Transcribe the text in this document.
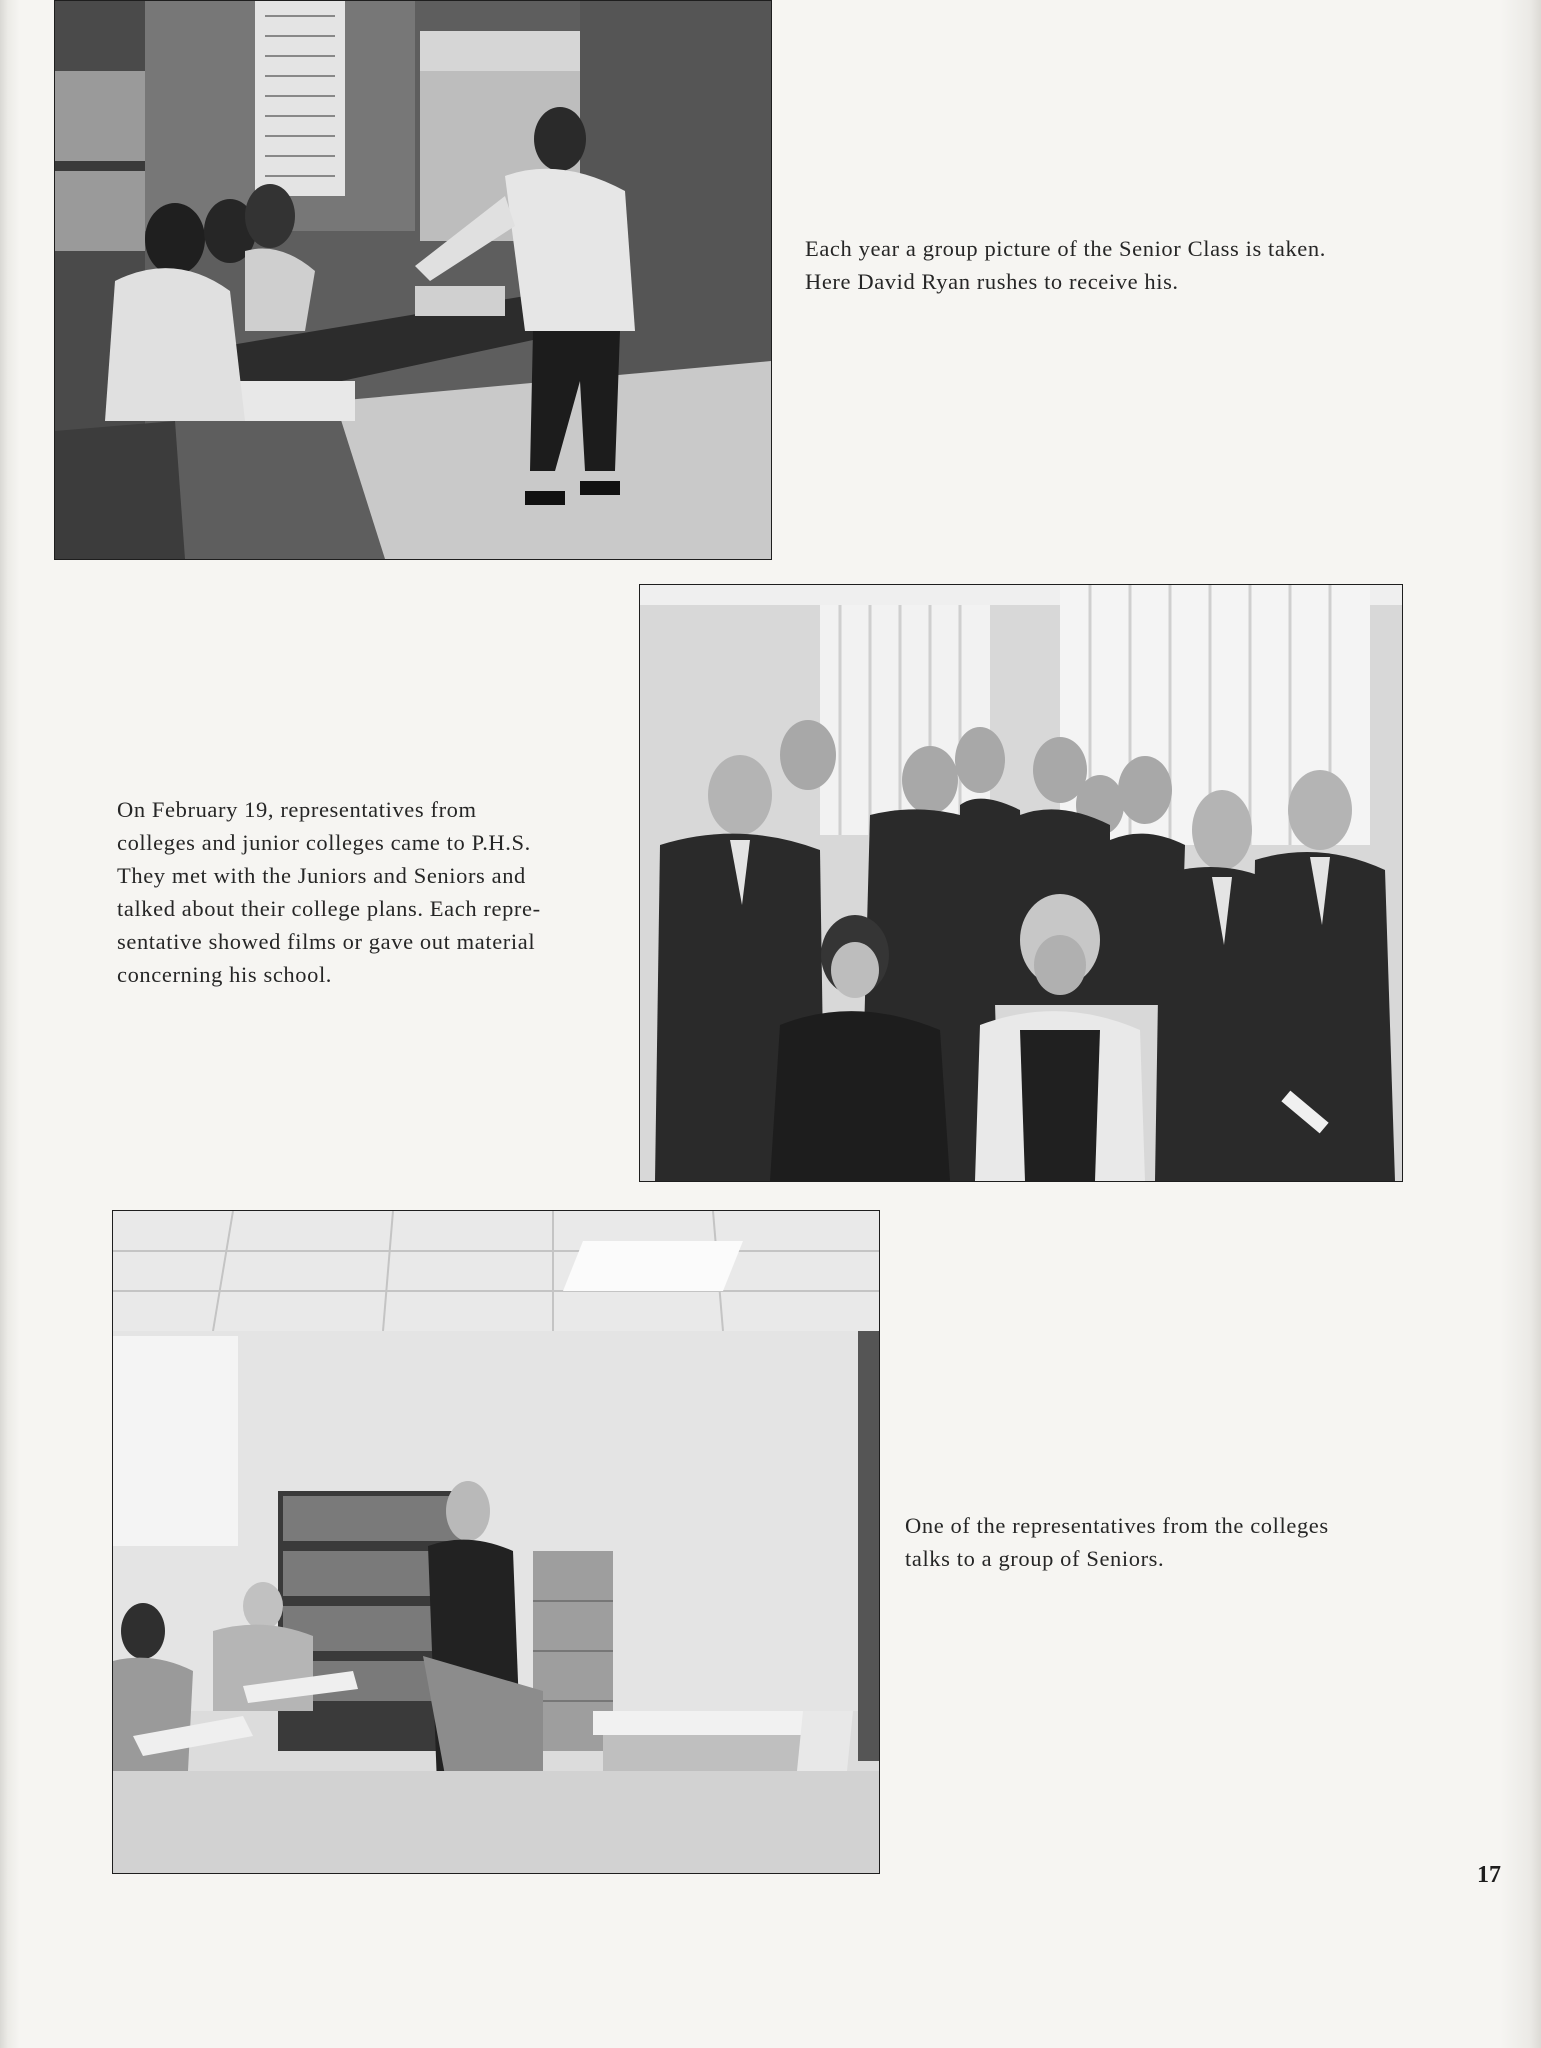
Each year a group picture of the Senior Class is taken.
Here David Ryan rushes to receive his.

On February 19, representatives from
colleges and junior colleges came to P.H.S.
They met with the Juniors and Seniors and
talked about their college plans. Each repre-
sentative showed films or gave out material
concerning his school.

One of the representatives from the colleges
talks to a group of Seniors.

17
